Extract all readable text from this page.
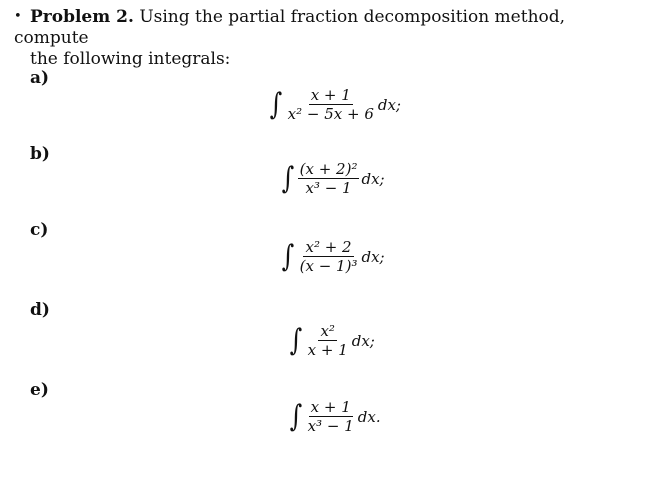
• Problem 2. Using the partial fraction decomposition method, compute
the following integrals:
a)
∫ $\frac{x + 1}{\text{x² − 5x + 6}}$ dx;
b)
∫ $\frac{\text{(x + 2)²}}{\text{x³ − 1}}$ dx;
c)
∫ $\frac{\text{x² + 2}}{\text{(x − 1)³}}$ dx;
d)
∫ $\frac{\text{x²}}{x + 1}$ dx;
e)
∫ $\frac{x + 1}{\text{x³ − 1}}$ dx.
